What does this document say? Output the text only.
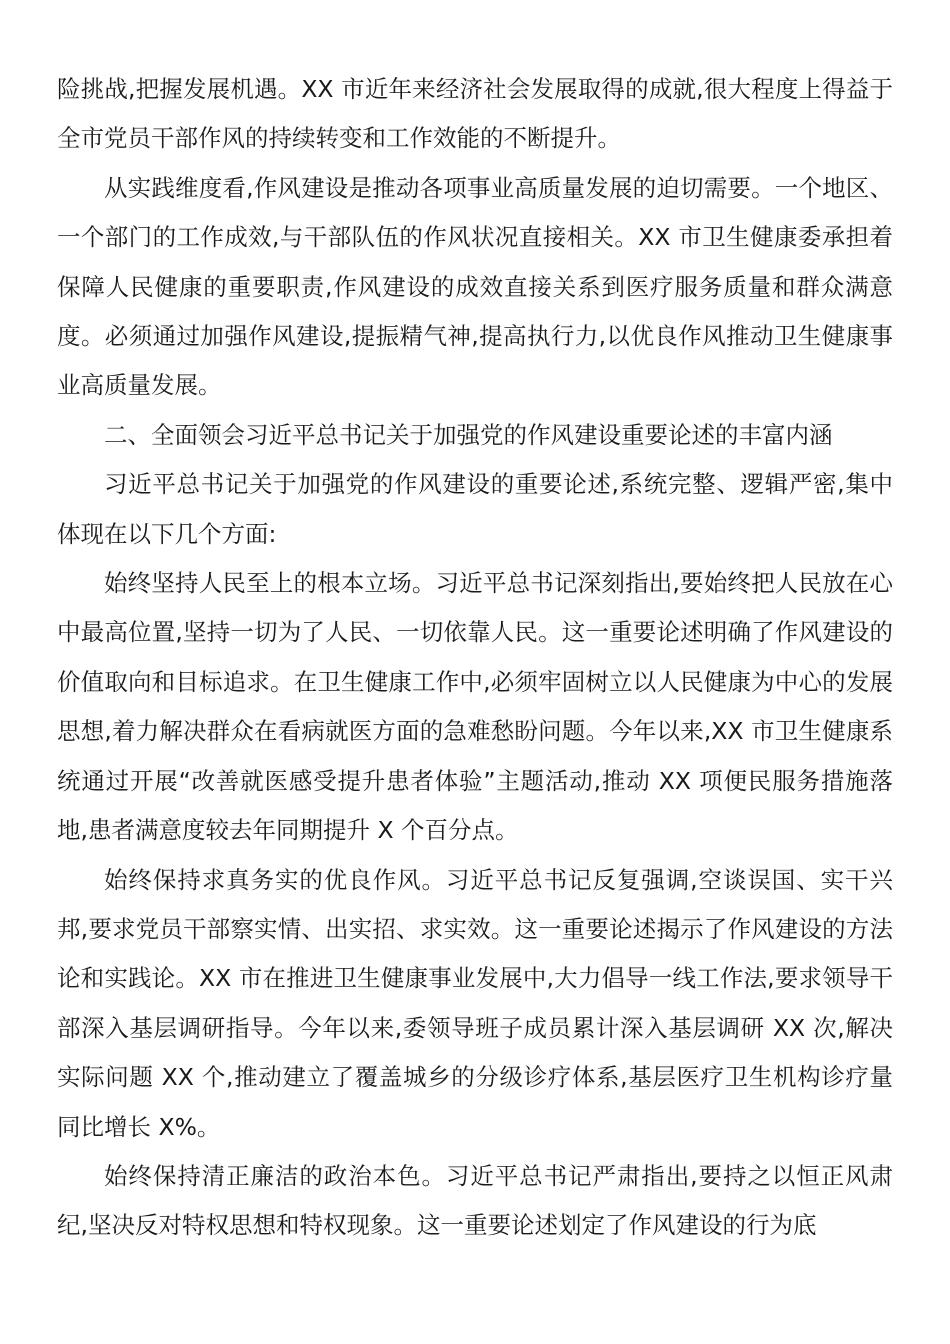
险挑战,把握发展机遇。XX 市近年来经济社会发展取得的成就,很大程度上得益于全市党员干部作风的持续转变和工作效能的不断提升。

从实践维度看,作风建设是推动各项事业高质量发展的迫切需要。一个地区、一个部门的工作成效,与干部队伍的作风状况直接相关。XX 市卫生健康委承担着保障人民健康的重要职责,作风建设的成效直接关系到医疗服务质量和群众满意度。必须通过加强作风建设,提振精气神,提高执行力,以优良作风推动卫生健康事业高质量发展。

二、全面领会习近平总书记关于加强党的作风建设重要论述的丰富内涵

习近平总书记关于加强党的作风建设的重要论述,系统完整、逻辑严密,集中体现在以下几个方面:

始终坚持人民至上的根本立场。习近平总书记深刻指出,要始终把人民放在心中最高位置,坚持一切为了人民、一切依靠人民。这一重要论述明确了作风建设的价值取向和目标追求。在卫生健康工作中,必须牢固树立以人民健康为中心的发展思想,着力解决群众在看病就医方面的急难愁盼问题。今年以来,XX 市卫生健康系统通过开展“改善就医感受提升患者体验”主题活动,推动 XX 项便民服务措施落地,患者满意度较去年同期提升 X 个百分点。

始终保持求真务实的优良作风。习近平总书记反复强调,空谈误国、实干兴邦,要求党员干部察实情、出实招、求实效。这一重要论述揭示了作风建设的方法论和实践论。XX 市在推进卫生健康事业发展中,大力倡导一线工作法,要求领导干部深入基层调研指导。今年以来,委领导班子成员累计深入基层调研 XX 次,解决实际问题 XX 个,推动建立了覆盖城乡的分级诊疗体系,基层医疗卫生机构诊疗量同比增长 X%。

始终保持清正廉洁的政治本色。习近平总书记严肃指出,要持之以恒正风肃纪,坚决反对特权思想和特权现象。这一重要论述划定了作风建设的行为底
